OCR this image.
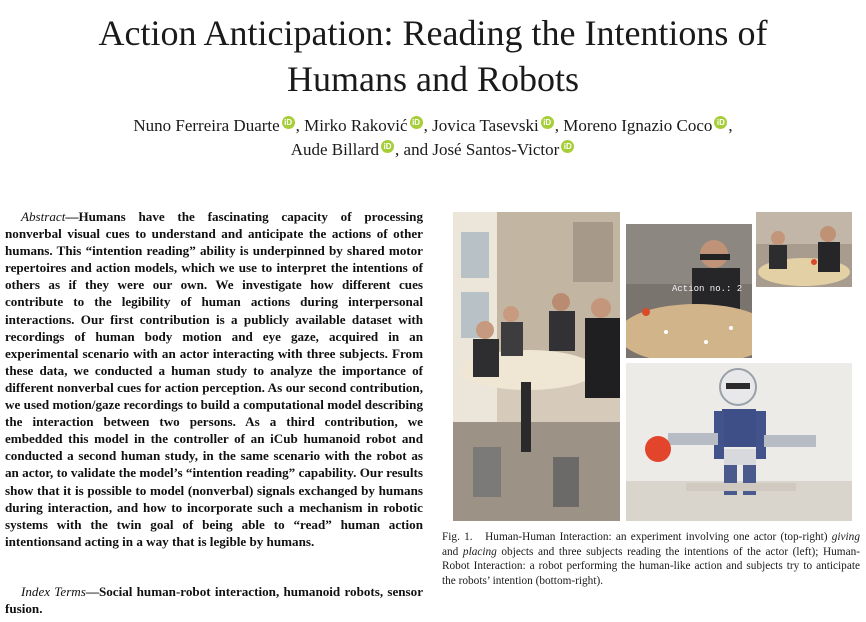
Action Anticipation: Reading the Intentions of
Humans and Robots
Nuno Ferreira Duarte iD , Mirko Raković iD , Jovica Tasevski iD , Moreno Ignazio Coco iD ,
Aude Billard iD , and José Santos-Victor iD

Abstract—Humans have the fascinating capacity of processing nonverbal visual cues to understand and anticipate the actions of other humans. This “intention reading” ability is underpinned by shared motor repertoires and action models, which we use to interpret the intentions of others as if they were our own. We investigate how different cues contribute to the legibility of human actions during interpersonal interactions. Our first contribution is a publicly available dataset with recordings of human body motion and eye gaze, acquired in an experimental scenario with an actor interacting with three subjects. From these data, we conducted a human study to analyze the importance of different nonverbal cues for action perception. As our second contribution, we used motion/gaze recordings to build a computational model describing the interaction between two persons. As a third contribution, we embedded this model in the controller of an iCub humanoid robot and conducted a second human study, in the same scenario with the robot as an actor, to validate the model’s “intention reading” capability. Our results show that it is possible to model (nonverbal) signals exchanged by humans during interaction, and how to incorporate such a mechanism in robotic systems with the twin goal of being able to “read” human action intentionsand acting in a way that is legible by humans.

Index Terms—Social human-robot interaction, humanoid robots, sensor fusion.

Action no.: 2

Fig. 1. Human-Human Interaction: an experiment involving one actor (top-right) giving and placing objects and three subjects reading the intentions of the actor (left); Human-Robot Interaction: a robot performing the human-like action and subjects try to anticipate the robots’ intention (bottom-right).
